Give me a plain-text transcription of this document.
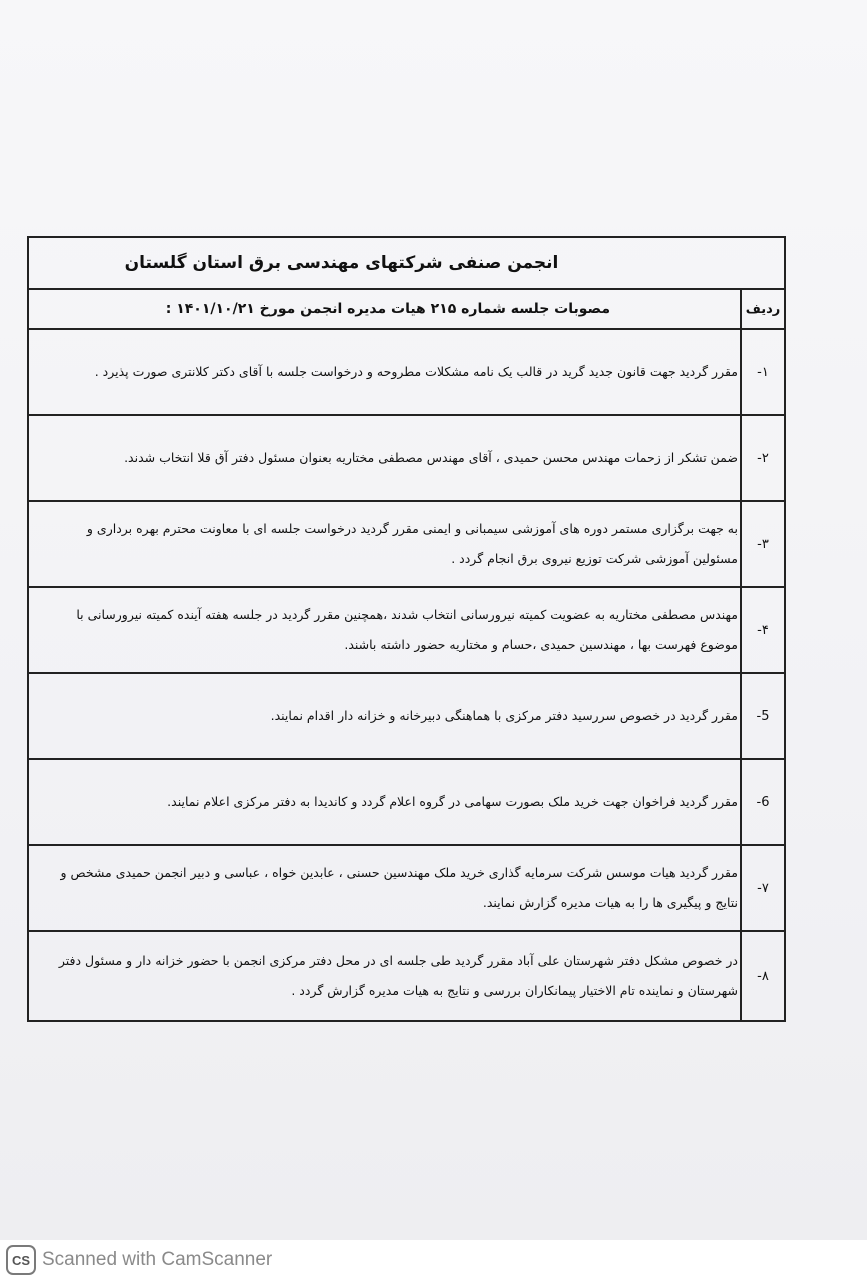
انجمن صنفی شرکتهای مهندسی برق استان گلستان
ردیف
مصوبات جلسه شماره ۲۱۵ هیات مدیره انجمن مورخ ۱۴۰۱/۱۰/۲۱ :
۱-
مقرر گردید جهت قانون جدید گرید در قالب یک نامه مشکلات مطروحه و درخواست جلسه با آقای دکتر کلانتری صورت پذیرد .
۲-
ضمن تشکر از زحمات مهندس محسن حمیدی ، آقای مهندس مصطفی مختاریه بعنوان مسئول دفتر آق قلا انتخاب شدند.
۳-
به جهت برگزاری مستمر دوره های آموزشی سیمبانی و ایمنی مقرر گردید درخواست جلسه ای با معاونت محترم بهره برداری و مسئولین آموزشی شرکت توزیع نیروی برق انجام گردد .
۴-
مهندس مصطفی مختاریه به عضویت کمیته نیرورسانی انتخاب شدند ،همچنین مقرر گردید در جلسه هفته آینده کمیته نیرورسانی با موضوع فهرست بها ، مهندسین حمیدی ،حسام و مختاریه حضور داشته باشند.
5-
مقرر گردید در خصوص سررسید دفتر مرکزی با هماهنگی دبیرخانه و خزانه دار اقدام نمایند.
6-
مقرر گردید فراخوان جهت خرید ملک بصورت سهامی در گروه اعلام گردد و کاندیدا به دفتر مرکزی اعلام نمایند.
۷-
مقرر گردید هیات موسس شرکت سرمایه گذاری خرید ملک مهندسین حسنی ، عابدین خواه ، عباسی و دبیر انجمن حمیدی مشخص و نتایج و پیگیری ها را به هیات مدیره گزارش نمایند.
۸-
در خصوص مشکل دفتر شهرستان علی آباد مقرر گردید طی جلسه ای در محل دفتر مرکزی انجمن با حضور خزانه دار و مسئول دفتر شهرستان و نماینده تام الاختیار پیمانکاران بررسی و نتایج به هیات مدیره گزارش گردد .
CS Scanned with CamScanner
